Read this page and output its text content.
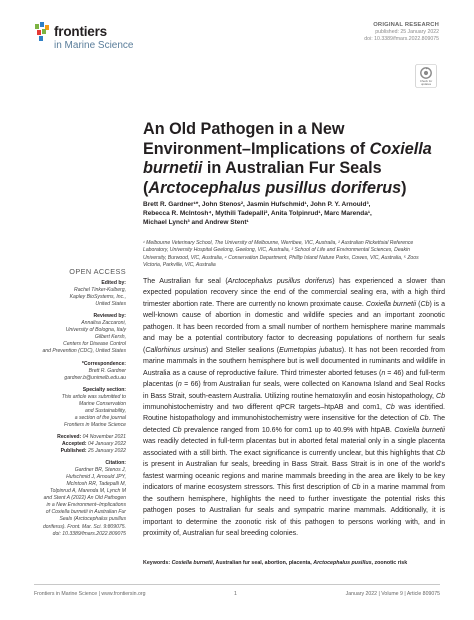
frontiers
in Marine Science
ORIGINAL RESEARCH
published: 25 January 2022
doi: 10.3389/fmars.2022.809075
Check for
updates
An Old Pathogen in a New
Environment–Implications of Coxiella
burnetii in Australian Fur Seals
(Arctocephalus pusillus doriferus)
Brett R. Gardner¹*, John Stenos², Jasmin Hufschmid¹, John P. Y. Arnould³,
Rebecca R. McIntosh⁴, Mythili Tadepalli², Anita Tolpinrud¹, Marc Marenda¹,
Michael Lynch³ and Andrew Stent¹
¹ Melbourne Veterinary School, The University of Melbourne, Werribee, VIC, Australia, ² Australian Rickettsial Reference
Laboratory, University Hospital Geelong, Geelong, VIC, Australia, ³ School of Life and Environmental Sciences, Deakin
University, Burwood, VIC, Australia, ⁴ Conservation Department, Phillip Island Nature Parks, Cowes, VIC, Australia, ⁵ Zoos
Victoria, Parkville, VIC, Australia
OPEN ACCESS
Edited by:
Rachel Tinker-Kulberg,
Kapley BioSystems, Inc.,
United States
Reviewed by:
Annalisa Zaccaroni,
University of Bologna, Italy
Gilbert Kersh,
Centers for Disease Control
and Prevention (CDC), United States
*Correspondence:
Brett R. Gardner
gardner.b@unimelb.edu.au
Specialty section:
This article was submitted to
Marine Conservation
and Sustainability,
a section of the journal
Frontiers in Marine Science
Received: 04 November 2021
Accepted: 04 January 2022
Published: 25 January 2022
Citation:
Gardner BR, Stenos J,
Hufschmid J, Arnould JPY,
McIntosh RR, Tadepalli M,
Tolpinrud A, Marenda M, Lynch M
and Stent A (2022) An Old Pathogen
in a New Environment–Implications
of Coxiella burnetii in Australian Fur
Seals (Arctocephalus pusillus
doriferus). Front. Mar. Sci. 9:809075.
doi: 10.3389/fmars.2022.809075
The Australian fur seal (Arctocephalus pusillus doriferus) has experienced a slower than expected population recovery since the end of the commercial sealing era, with a high third trimester abortion rate. There are currently no known proximate cause. Coxiella burnetii (Cb) is a well-known cause of abortion in domestic and wildlife species and an important zoonotic pathogen. It has been recorded from a small number of northern hemisphere marine mammals and may be a potential contributory factor to decreasing populations of northern fur seals (Callorhinus ursinus) and Steller sealions (Eumetopias jubatus). It has not been recorded from marine mammals in the southern hemisphere but is well documented in ruminants and wildlife in Australia as a cause of reproductive failure. Third trimester aborted fetuses (n = 46) and full-term placentas (n = 66) from Australian fur seals, were collected on Kanowna Island and Seal Rocks in Bass Strait, south-eastern Australia. Utilizing routine hematoxylin and eosin histopathology, Cb immunohistochemistry and two different qPCR targets–htpAB and com1, Cb was identified. Routine histopathology and immunohistochemistry were insensitive for the detection of Cb. The detected Cb prevalence ranged from 10.6% for com1 up to 40.9% with htpAB. Coxiella burnetii was readily detected in full-term placentas but in aborted fetal material only in a single placenta associated with a still birth. The exact significance is currently unclear, but this highlights that Cb is present in Australian fur seals, breeding in Bass Strait. Bass Strait is in one of the world’s fastest warming oceanic regions and marine mammals breeding in the area are likely to be key indicators of marine ecosystem stressors. This first description of Cb in a marine mammal from the southern hemisphere, highlights the need to further investigate the potential risks this pathogen poses to Australian fur seals and sympatric marine mammals. Additionally, it is important to determine the zoonotic risk of this pathogen to persons working with, and in proximity of, Australian fur seal breeding colonies.
Keywords: Coxiella burnetii, Australian fur seal, abortion, placenta, Arctocephalus pusillus, zoonotic risk
Frontiers in Marine Science | www.frontiersin.org	1	January 2022 | Volume 9 | Article 809075
